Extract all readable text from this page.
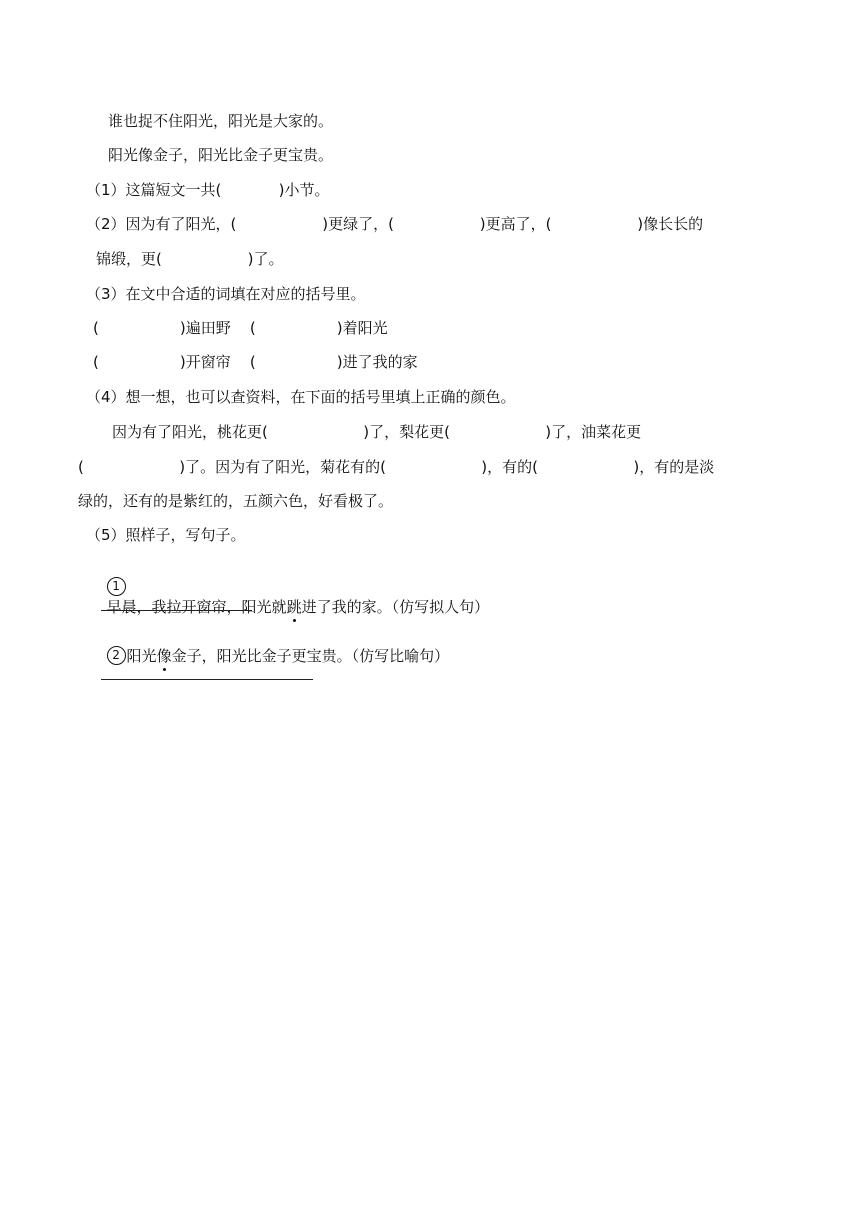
谁也捉不住阳光，阳光是大家的。
阳光像金子，阳光比金子更宝贵。
（1）这篇短文一共(            )小节。
（2）因为有了阳光，(                  )更绿了，(                  )更高了，(                  )像长长的
锦缎，更(                  )了。
（3）在文中合适的词填在对应的括号里。
(                 )遍田野    (                 )着阳光
(                 )开窗帘    (                 )进了我的家
（4）想一想，也可以查资料，在下面的括号里填上正确的颜色。
因为有了阳光，桃花更(                    )了，梨花更(                    )了，油菜花更
(                    )了。因为有了阳光，菊花有的(                    )，有的(                    )，有的是淡
绿的，还有的是紫红的，五颜六色，好看极了。
（5）照样子，写句子。

1
早晨，我拉开窗帘，阳光就跳进了我的家。（仿写拟人句）

2 阳光像金子，阳光比金子更宝贵。（仿写比喻句）
